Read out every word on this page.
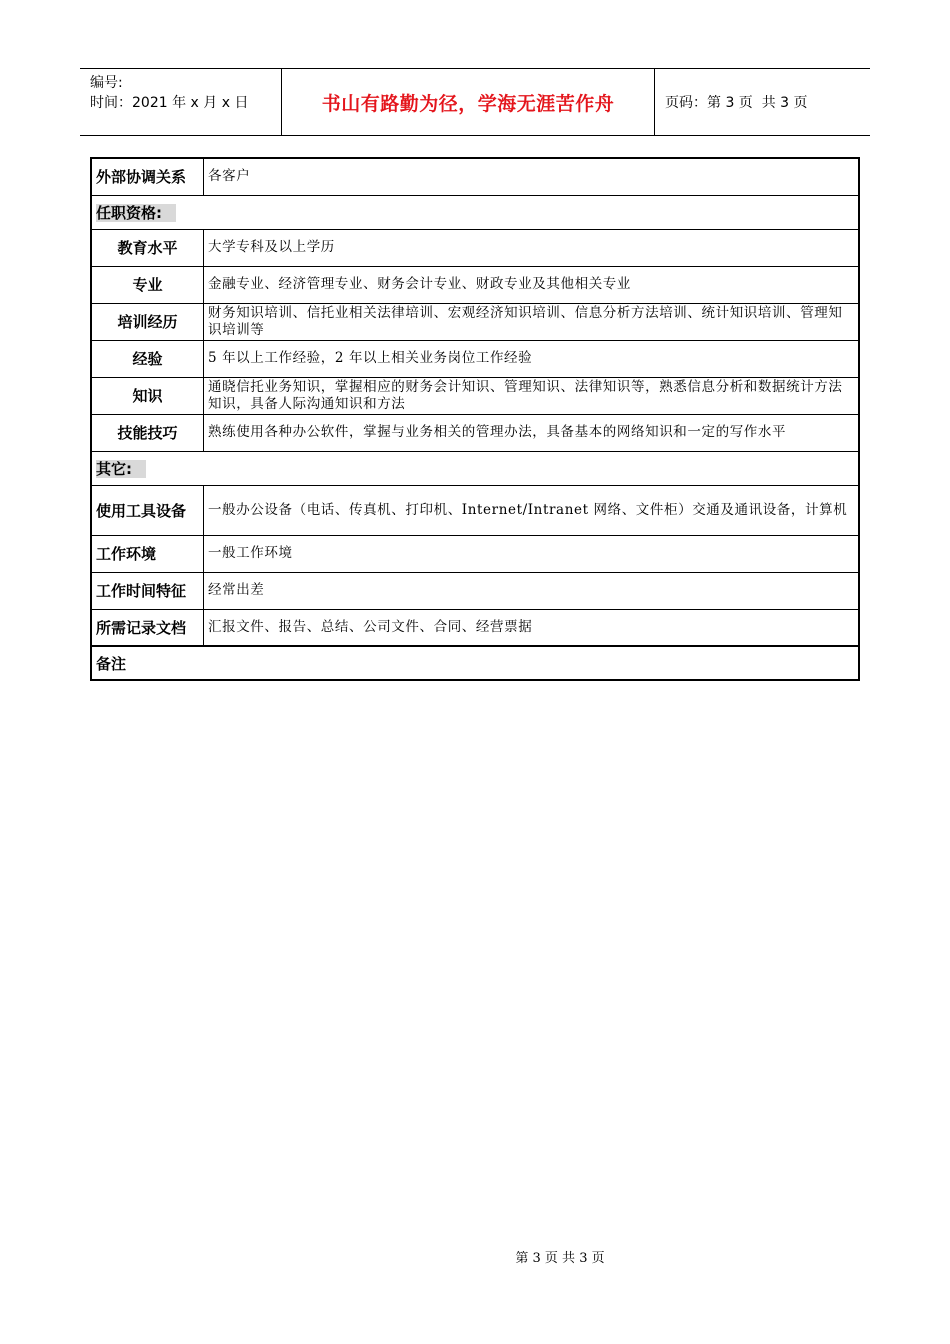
编号:
时间：2021 年 x 月 x 日	书山有路勤为径，学海无涯苦作舟	页码：第 3 页  共 3 页
外部协调关系	各客户
任职资格:	
教育水平	大学专科及以上学历
专业	金融专业、经济管理专业、财务会计专业、财政专业及其他相关专业
培训经历	财务知识培训、信托业相关法律培训、宏观经济知识培训、信息分析方法培训、统计知识培训、管理知识培训等
经验	5 年以上工作经验，2 年以上相关业务岗位工作经验
知识	通晓信托业务知识，掌握相应的财务会计知识、管理知识、法律知识等，熟悉信息分析和数据统计方法知识，具备人际沟通知识和方法
技能技巧	熟练使用各种办公软件，掌握与业务相关的管理办法，具备基本的网络知识和一定的写作水平
其它:	
使用工具设备	一般办公设备（电话、传真机、打印机、Internet/Intranet 网络、文件柜）交通及通讯设备，计算机
工作环境	一般工作环境
工作时间特征	经常出差
所需记录文档	汇报文件、报告、总结、公司文件、合同、经营票据
备注	
第 3 页 共 3 页
